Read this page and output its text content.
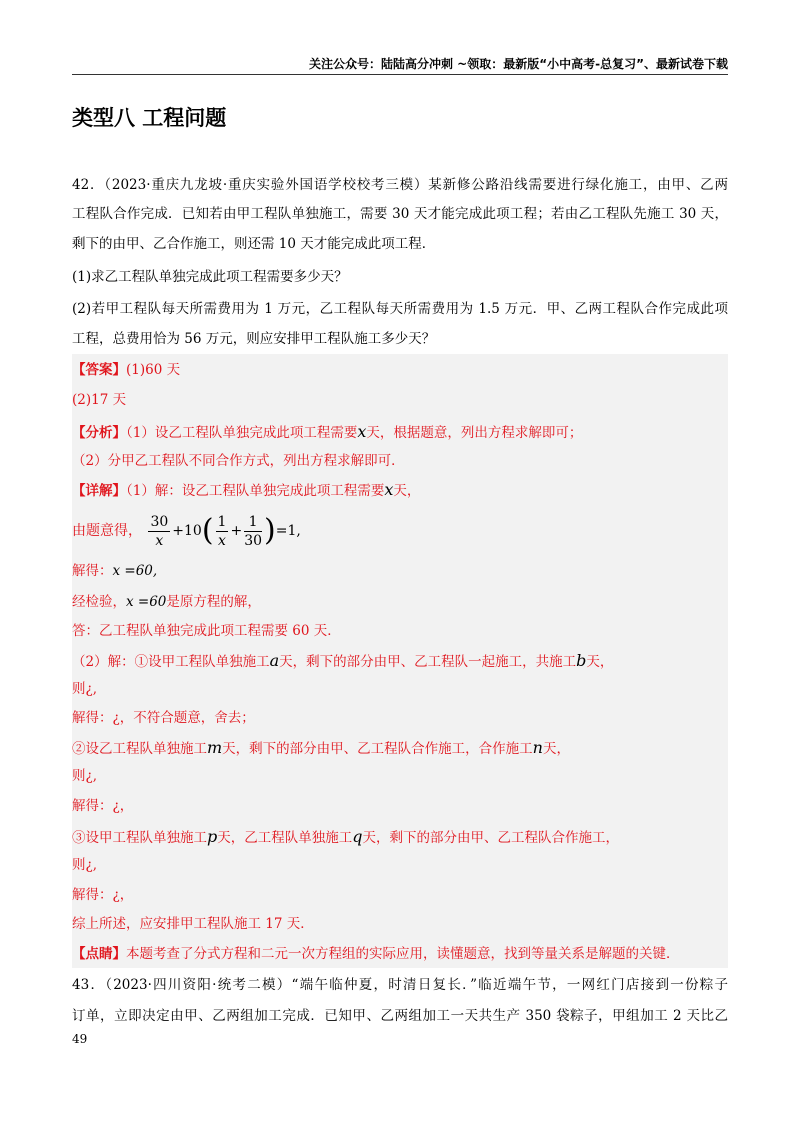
关注公众号：陆陆高分冲刺 ~领取：最新版“小中高考-总复习”、最新试卷下载
类型八 工程问题
42．（2023·重庆九龙坡·重庆实验外国语学校校考三模）某新修公路沿线需要进行绿化施工，由甲、乙两
工程队合作完成．已知若由甲工程队单独施工，需要 30 天才能完成此项工程；若由乙工程队先施工 30 天，
剩下的由甲、乙合作施工，则还需 10 天才能完成此项工程．
(1)求乙工程队单独完成此项工程需要多少天？
(2)若甲工程队每天所需费用为 1 万元，乙工程队每天所需费用为 1.5 万元．甲、乙两工程队合作完成此项
工程，总费用恰为 56 万元，则应安排甲工程队施工多少天？
【答案】(1)60 天
(2)17 天
【分析】（1）设乙工程队单独完成此项工程需要x天，根据题意，列出方程求解即可；
（2）分甲乙工程队不同合作方式，列出方程求解即可．
【详解】（1）解：设乙工程队单独完成此项工程需要x天，
由题意得， $\frac{30}{x} +10( \frac{1}{x} + \frac{1}{30} )=1$,
解得：x =60,
经检验，x =60是原方程的解，
答：乙工程队单独完成此项工程需要 60 天．
（2）解：①设甲工程队单独施工a天，剩下的部分由甲、乙工程队一起施工，共施工b天，
则¿,
解得：¿，不符合题意，舍去；
②设乙工程队单独施工m天，剩下的部分由甲、乙工程队合作施工，合作施工n天，
则¿,
解得：¿，
③设甲工程队单独施工p天，乙工程队单独施工q天，剩下的部分由甲、乙工程队合作施工，
则¿,
解得：¿，
综上所述，应安排甲工程队施工 17 天．
【点睛】本题考查了分式方程和二元一次方程组的实际应用，读懂题意，找到等量关系是解题的关键．
43．（2023·四川资阳·统考二模）“端午临仲夏，时清日复长．”临近端午节，一网红门店接到一份粽子
订单，立即决定由甲、乙两组加工完成．已知甲、乙两组加工一天共生产 350 袋粽子，甲组加工 2 天比乙
49
